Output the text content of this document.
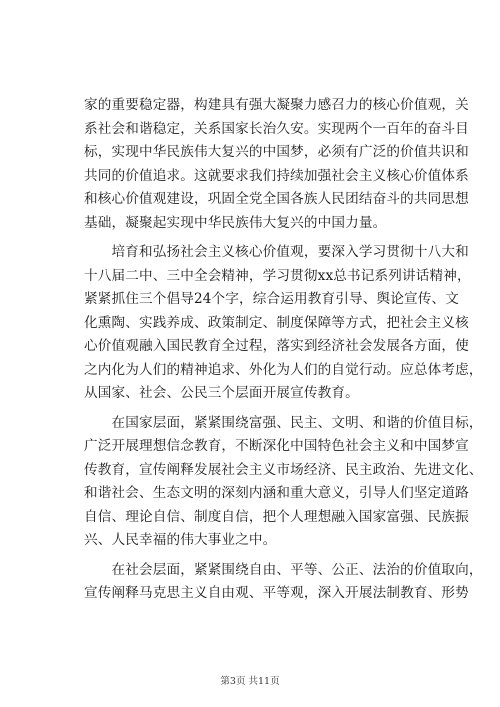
家的重要稳定器，构建具有强大凝聚力感召力的核心价值观，关
系社会和谐稳定，关系国家长治久安。实现两个一百年的奋斗目
标，实现中华民族伟大复兴的中国梦，必须有广泛的价值共识和
共同的价值追求。这就要求我们持续加强社会主义核心价值体系
和核心价值观建设，巩固全党全国各族人民团结奋斗的共同思想
基础，凝聚起实现中华民族伟大复兴的中国力量。

　　培育和弘扬社会主义核心价值观，要深入学习贯彻十八大和
十八届二中、三中全会精神，学习贯彻xx总书记系列讲话精神，
紧紧抓住三个倡导24个字，综合运用教育引导、舆论宣传、文
化熏陶、实践养成、政策制定、制度保障等方式，把社会主义核
心价值观融入国民教育全过程，落实到经济社会发展各方面，使
之内化为人们的精神追求、外化为人们的自觉行动。应总体考虑，
从国家、社会、公民三个层面开展宣传教育。

　　在国家层面，紧紧围绕富强、民主、文明、和谐的价值目标，
广泛开展理想信念教育，不断深化中国特色社会主义和中国梦宣
传教育，宣传阐释发展社会主义市场经济、民主政治、先进文化、
和谐社会、生态文明的深刻内涵和重大意义，引导人们坚定道路
自信、理论自信、制度自信，把个人理想融入国家富强、民族振
兴、人民幸福的伟大事业之中。

　　在社会层面，紧紧围绕自由、平等、公正、法治的价值取向，
宣传阐释马克思主义自由观、平等观，深入开展法制教育、形势

第3页 共11页
